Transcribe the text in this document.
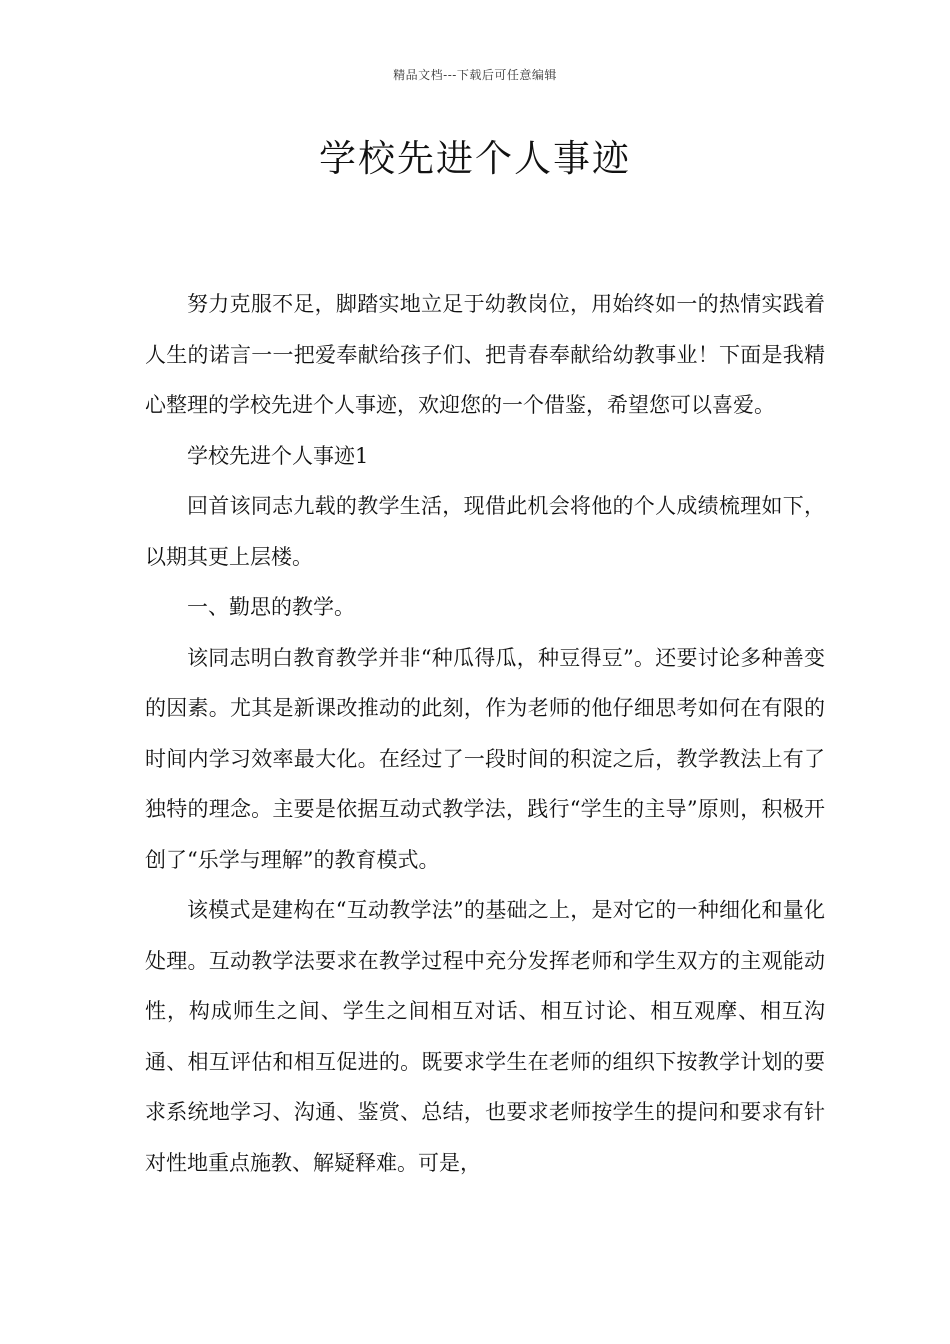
精品文档---下载后可任意编辑
学校先进个人事迹

努力克服不足，脚踏实地立足于幼教岗位，用始终如一的热情实践着人生的诺言一一把爱奉献给孩子们、把青春奉献给幼教事业！下面是我精心整理的学校先进个人事迹，欢迎您的一个借鉴，希望您可以喜爱。

学校先进个人事迹1

回首该同志九载的教学生活，现借此机会将他的个人成绩梳理如下，以期其更上层楼。

一、勤思的教学。

该同志明白教育教学并非“种瓜得瓜，种豆得豆”。还要讨论多种善变的因素。尤其是新课改推动的此刻，作为老师的他仔细思考如何在有限的时间内学习效率最大化。在经过了一段时间的积淀之后，教学教法上有了独特的理念。主要是依据互动式教学法，践行“学生的主导”原则，积极开创了“乐学与理解”的教育模式。

该模式是建构在“互动教学法”的基础之上，是对它的一种细化和量化处理。互动教学法要求在教学过程中充分发挥老师和学生双方的主观能动性，构成师生之间、学生之间相互对话、相互讨论、相互观摩、相互沟通、相互评估和相互促进的。既要求学生在老师的组织下按教学计划的要求系统地学习、沟通、鉴赏、总结，也要求老师按学生的提问和要求有针对性地重点施教、解疑释难。可是，
